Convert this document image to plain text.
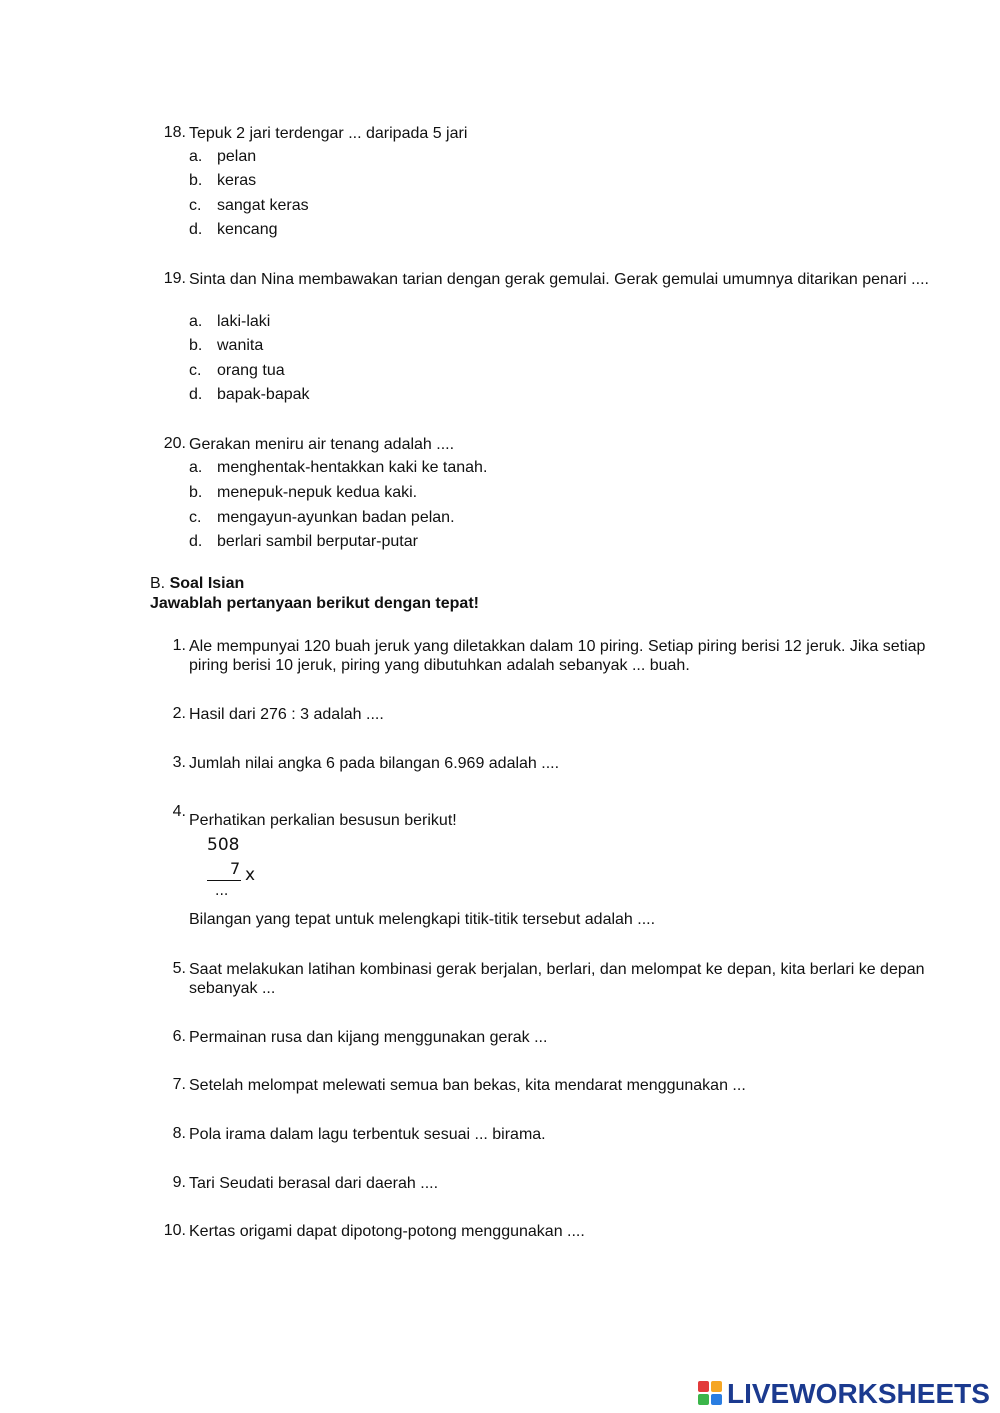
18. Tepuk 2 jari terdengar ... daripada 5 jari
a. pelan
b. keras
c. sangat keras
d. kencang
19. Sinta dan Nina membawakan tarian dengan gerak gemulai. Gerak gemulai umumnya ditarikan penari ....
a. laki-laki
b. wanita
c. orang tua
d. bapak-bapak
20. Gerakan meniru air tenang adalah ....
a. menghentak-hentakkan kaki ke tanah.
b. menepuk-nepuk kedua kaki.
c. mengayun-ayunkan badan pelan.
d. berlari sambil berputar-putar
B. Soal Isian
Jawablah pertanyaan berikut dengan tepat!
1. Ale mempunyai 120 buah jeruk yang diletakkan dalam 10 piring. Setiap piring berisi 12 jeruk. Jika setiap piring berisi 10 jeruk, piring yang dibutuhkan adalah sebanyak ... buah.
2. Hasil dari 276 : 3 adalah ....
3. Jumlah nilai angka 6 pada bilangan 6.969 adalah ....
4.
Perhatikan perkalian besusun berikut!
Bilangan yang tepat untuk melengkapi titik-titik tersebut adalah ....
508
7 x
...
5. Saat melakukan latihan kombinasi gerak berjalan, berlari, dan melompat ke depan, kita berlari ke depan sebanyak ...
6. Permainan rusa dan kijang menggunakan gerak ...
7. Setelah melompat melewati semua ban bekas, kita mendarat menggunakan ...
8. Pola irama dalam lagu terbentuk sesuai ... birama.
9. Tari Seudati berasal dari daerah ....
10. Kertas origami dapat dipotong-potong menggunakan ....
LIVEWORKSHEETS
